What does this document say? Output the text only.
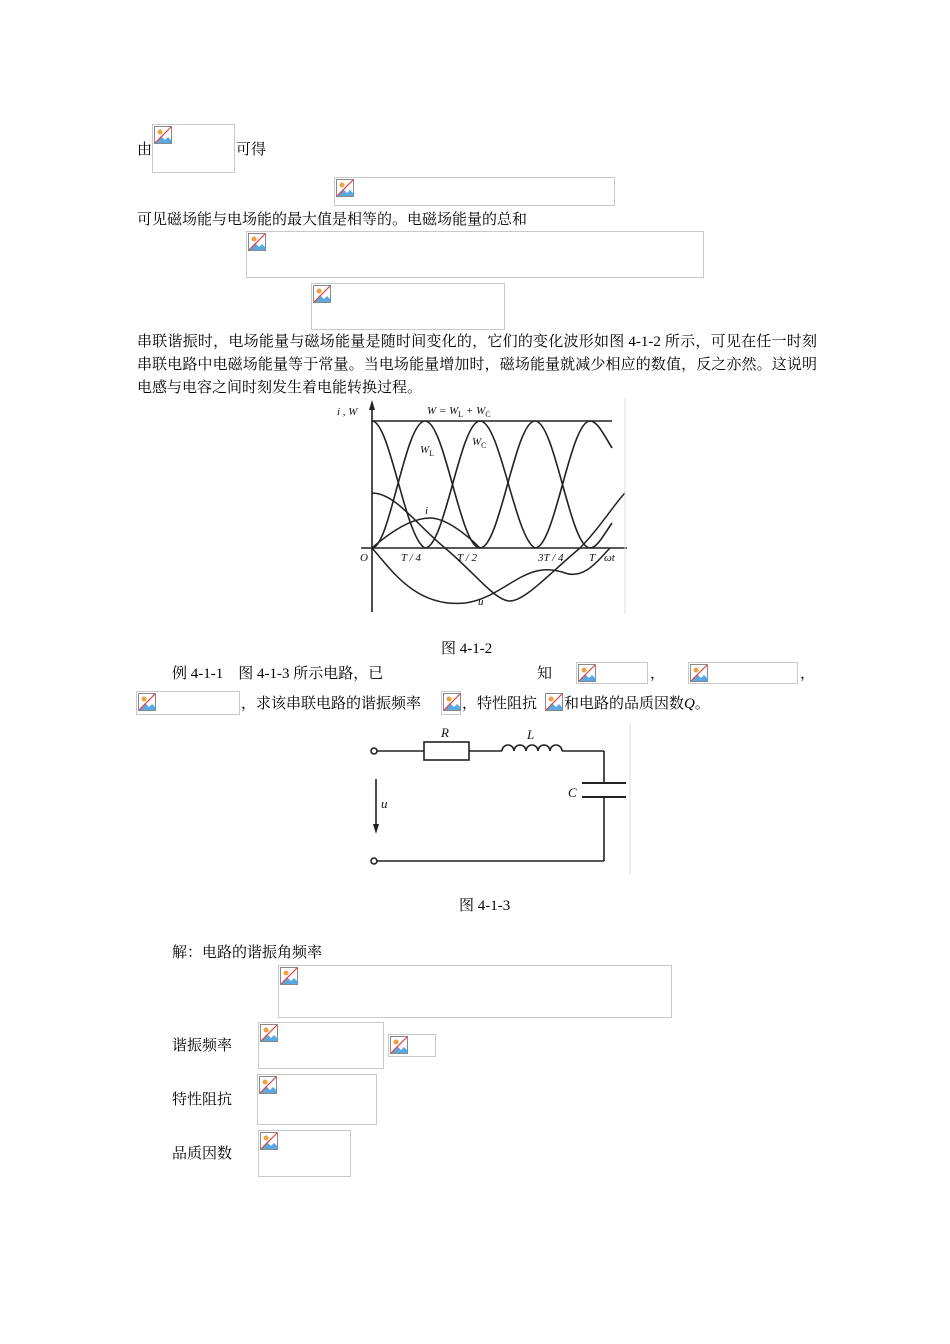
由	可得
可见磁场能与电场能的最大值是相等的。电磁场能量的总和
串联谐振时，电场能量与磁场能量是随时间变化的，它们的变化波形如图 4-1-2 所示，可见在任一时刻串联电路中电磁场能量等于常量。当电场能量增加时，磁场能量就减少相应的数值，反之亦然。这说明电感与电容之间时刻发生着电能转换过程。
i , W	$W = W_L + W_C$
$W_L$
$W_C$
i
u
O	T / 4	T / 2	3T / 4 T ωt
图 4-1-2
例 4-1-1　图 4-1-3 所示电路，已	知	，	，
，求该串联电路的谐振频率	，特性阻抗 和电路的品质因数Q。
R	L
C
u
图 4-1-3
解：电路的谐振角频率
谐振频率
特性阻抗
品质因数
